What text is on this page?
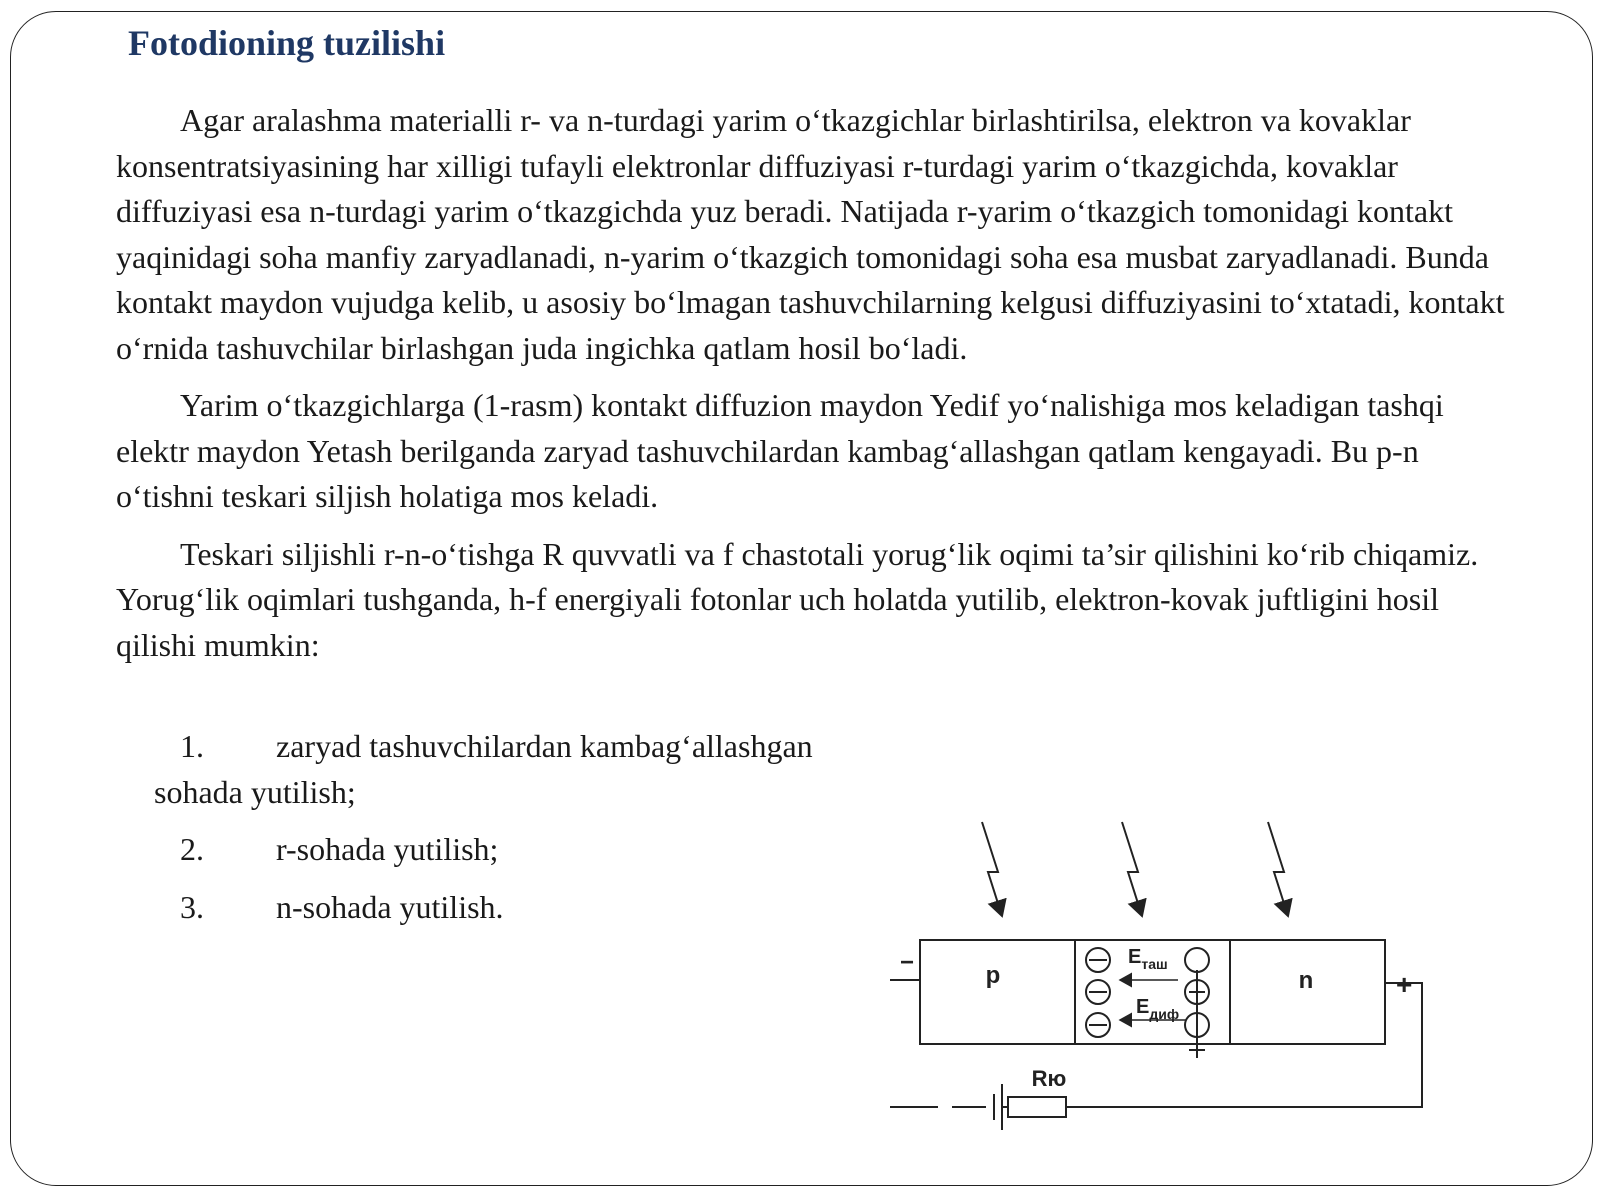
Fotodioning tuzilishi

Agar aralashma materialli r- va n-turdagi yarim o‘tkazgichlar birlashtirilsa, elektron va kovaklar konsentratsiyasining har xilligi tufayli elektronlar diffuziyasi r-turdagi yarim o‘tkazgichda, kovaklar diffuziyasi esa n-turdagi yarim o‘tkazgichda yuz beradi. Natijada r-yarim o‘tkazgich tomonidagi kontakt yaqinidagi soha manfiy zaryadlanadi, n-yarim o‘tkazgich tomonidagi soha esa musbat zaryadlanadi. Bunda kontakt maydon vujudga kelib, u asosiy bo‘lmagan tashuvchilarning kelgusi diffuziyasini to‘xtatadi, kontakt o‘rnida tashuvchilar birlashgan juda ingichka qatlam hosil bo‘ladi.

Yarim o‘tkazgichlarga (1-rasm) kontakt diffuzion maydon Yedif yo‘nalishiga mos keladigan tashqi elektr maydon Yetash berilganda zaryad tashuvchilardan kambag‘allashgan qatlam kengayadi. Bu p-n o‘tishni teskari siljish holatiga mos keladi.

Teskari siljishli r-n-o‘tishga R quvvatli va f chastotali yorug‘lik oqimi ta’sir qilishini ko‘rib chiqamiz. Yorug‘lik oqimlari tushganda, h-f energiyali fotonlar uch holatda yutilib, elektron-kovak juftligini hosil qilishi mumkin:

1. zaryad tashuvchilardan kambag‘allashgan
sohada yutilish;
2. r-sohada yutilish;
3. n-sohada yutilish.
p	n
$E_{таш}$
$E_{диф}$
−
+
Rю
